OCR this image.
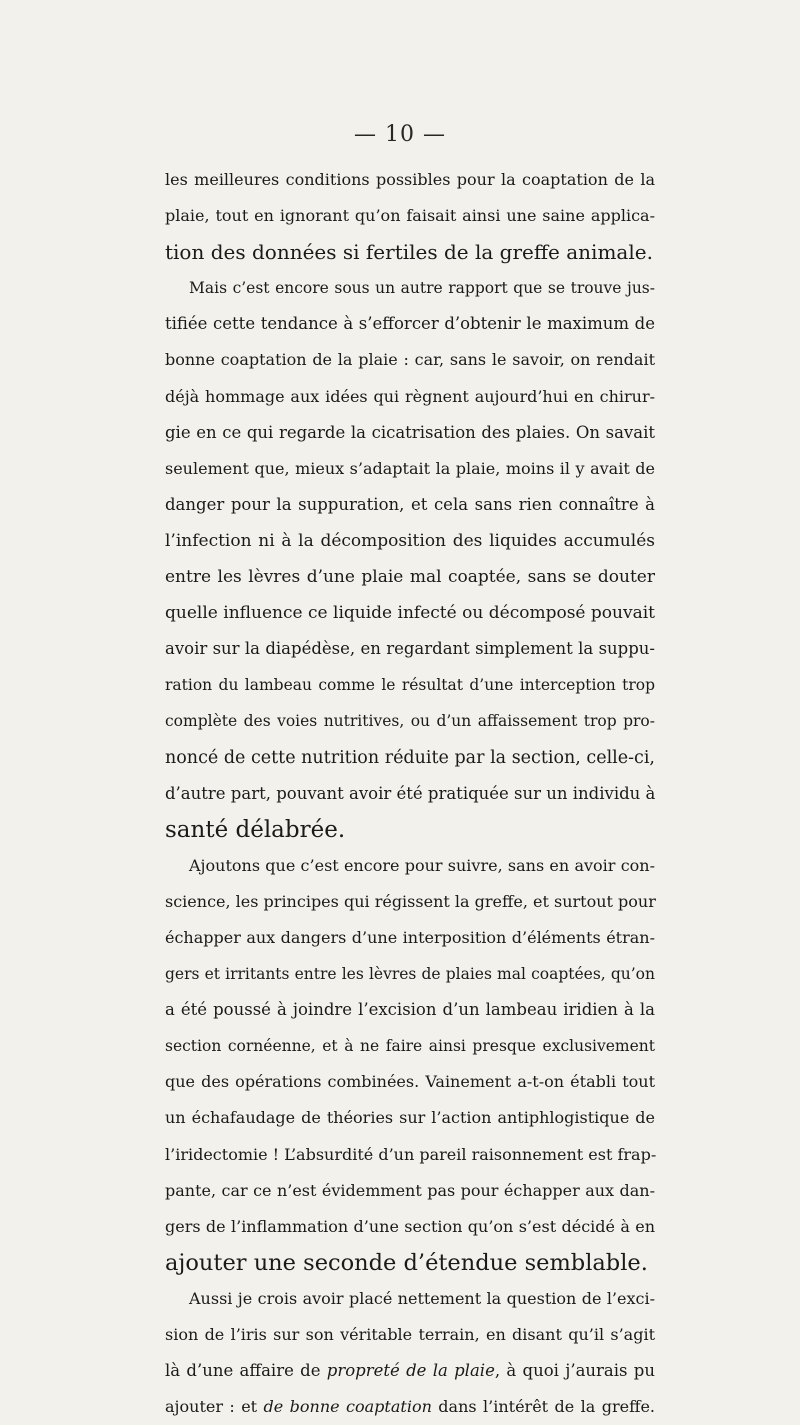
— 10 —
les meilleures conditions possibles pour la coaptation de la
plaie, tout en ignorant qu’on faisait ainsi une saine applica-
tion des données si fertiles de la greffe animale.
Mais c’est encore sous un autre rapport que se trouve jus-
tifiée cette tendance à s’efforcer d’obtenir le maximum de
bonne coaptation de la plaie : car, sans le savoir, on rendait
déjà hommage aux idées qui règnent aujourd’hui en chirur-
gie en ce qui regarde la cicatrisation des plaies. On savait
seulement que, mieux s’adaptait la plaie, moins il y avait de
danger pour la suppuration, et cela sans rien connaître à
l’infection ni à la décomposition des liquides accumulés
entre les lèvres d’une plaie mal coaptée, sans se douter
quelle influence ce liquide infecté ou décomposé pouvait
avoir sur la diapédèse, en regardant simplement la suppu-
ration du lambeau comme le résultat d’une interception trop
complète des voies nutritives, ou d’un affaissement trop pro-
noncé de cette nutrition réduite par la section, celle-ci,
d’autre part, pouvant avoir été pratiquée sur un individu à
santé délabrée.
Ajoutons que c’est encore pour suivre, sans en avoir con-
science, les principes qui régissent la greffe, et surtout pour
échapper aux dangers d’une interposition d’éléments étran-
gers et irritants entre les lèvres de plaies mal coaptées, qu’on
a été poussé à joindre l’excision d’un lambeau iridien à la
section cornéenne, et à ne faire ainsi presque exclusivement
que des opérations combinées. Vainement a-t-on établi tout
un échafaudage de théories sur l’action antiphlogistique de
l’iridectomie ! L’absurdité d’un pareil raisonnement est frap-
pante, car ce n’est évidemment pas pour échapper aux dan-
gers de l’inflammation d’une section qu’on s’est décidé à en
ajouter une seconde d’étendue semblable.
Aussi je crois avoir placé nettement la question de l’exci-
sion de l’iris sur son véritable terrain, en disant qu’il s’agit
là d’une affaire de propreté de la plaie, à quoi j’aurais pu
ajouter : et de bonne coaptation dans l’intérêt de la greffe.
